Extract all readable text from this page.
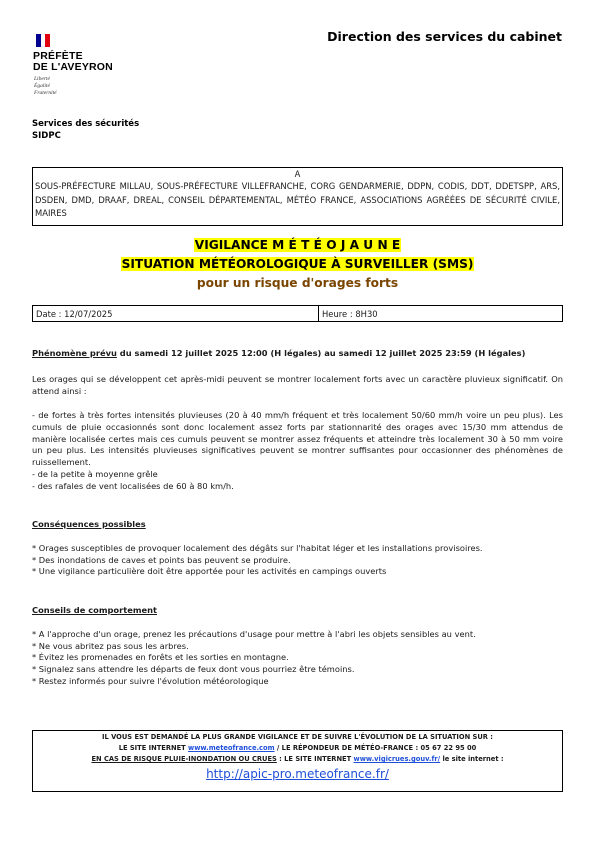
PRÉFÈTE
DE L'AVEYRON
Liberté
Égalité
Fraternité
Direction des services du cabinet
Services des sécurités
SIDPC
A
SOUS-PRÉFECTURE MILLAU, SOUS-PRÉFECTURE VILLEFRANCHE, CORG GENDARMERIE, DDPN, CODIS, DDT, DDETSPP, ARS, DSDEN, DMD, DRAAF, DREAL, CONSEIL DÉPARTEMENTAL, MÉTÉO FRANCE, ASSOCIATIONS AGRÉÉES DE SÉCURITÉ CIVILE, MAIRES
VIGILANCE M É T É O J A U N E
SITUATION MÉTÉOROLOGIQUE À SURVEILLER (SMS)
pour un risque d'orages forts
Date : 12/07/2025	Heure : 8H30
Phénomène prévu du samedi 12 juillet 2025 12:00 (H légales) au samedi 12 juillet 2025 23:59 (H légales)
Les orages qui se développent cet après-midi peuvent se montrer localement forts avec un caractère pluvieux significatif. On attend ainsi :
- de fortes à très fortes intensités pluvieuses (20 à 40 mm/h fréquent et très localement 50/60 mm/h voire un peu plus). Les cumuls de pluie occasionnés sont donc localement assez forts par stationnarité des orages avec 15/30 mm attendus de manière localisée certes mais ces cumuls peuvent se montrer assez fréquents et atteindre très localement 30 à 50 mm voire un peu plus. Les intensités pluvieuses significatives peuvent se montrer suffisantes pour occasionner des phénomènes de ruissellement.
- de la petite à moyenne grêle
- des rafales de vent localisées de 60 à 80 km/h.
Conséquences possibles
* Orages susceptibles de provoquer localement des dégâts sur l'habitat léger et les installations provisoires.
* Des inondations de caves et points bas peuvent se produire.
* Une vigilance particulière doit être apportée pour les activités en campings ouverts
Conseils de comportement
* A l'approche d'un orage, prenez les précautions d'usage pour mettre à l'abri les objets sensibles au vent.
* Ne vous abritez pas sous les arbres.
* Évitez les promenades en forêts et les sorties en montagne.
* Signalez sans attendre les départs de feux dont vous pourriez être témoins.
* Restez informés pour suivre l'évolution météorologique
IL VOUS EST DEMANDÉ LA PLUS GRANDE VIGILANCE ET DE SUIVRE L'ÉVOLUTION DE LA SITUATION SUR :
LE SITE INTERNET www.meteofrance.com / LE RÉPONDEUR DE MÉTÉO-FRANCE : 05 67 22 95 00
EN CAS DE RISQUE PLUIE-INONDATION OU CRUES : LE SITE INTERNET www.vigicrues.gouv.fr/ le site internet :
http://apic-pro.meteofrance.fr/
